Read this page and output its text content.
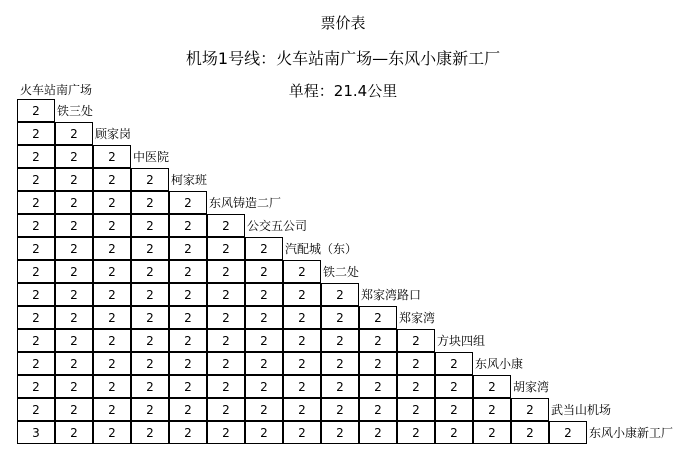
票价表
机场1号线：火车站南广场—东风小康新工厂
单程：21.4公里
火车站南广场
2	铁三处
2	2	顾家岗
2	2	2	中医院
2	2	2	2	柯家班
2	2	2	2	2	东风铸造二厂
2	2	2	2	2	2	公交五公司
2	2	2	2	2	2	2	汽配城（东）
2	2	2	2	2	2	2	2	铁二处
2	2	2	2	2	2	2	2	2	郑家湾路口
2	2	2	2	2	2	2	2	2	2	郑家湾
2	2	2	2	2	2	2	2	2	2	2	方块四组
2	2	2	2	2	2	2	2	2	2	2	2	东风小康
2	2	2	2	2	2	2	2	2	2	2	2	2	胡家湾
2	2	2	2	2	2	2	2	2	2	2	2	2	2	武当山机场
3	2	2	2	2	2	2	2	2	2	2	2	2	2	2	东风小康新工厂
